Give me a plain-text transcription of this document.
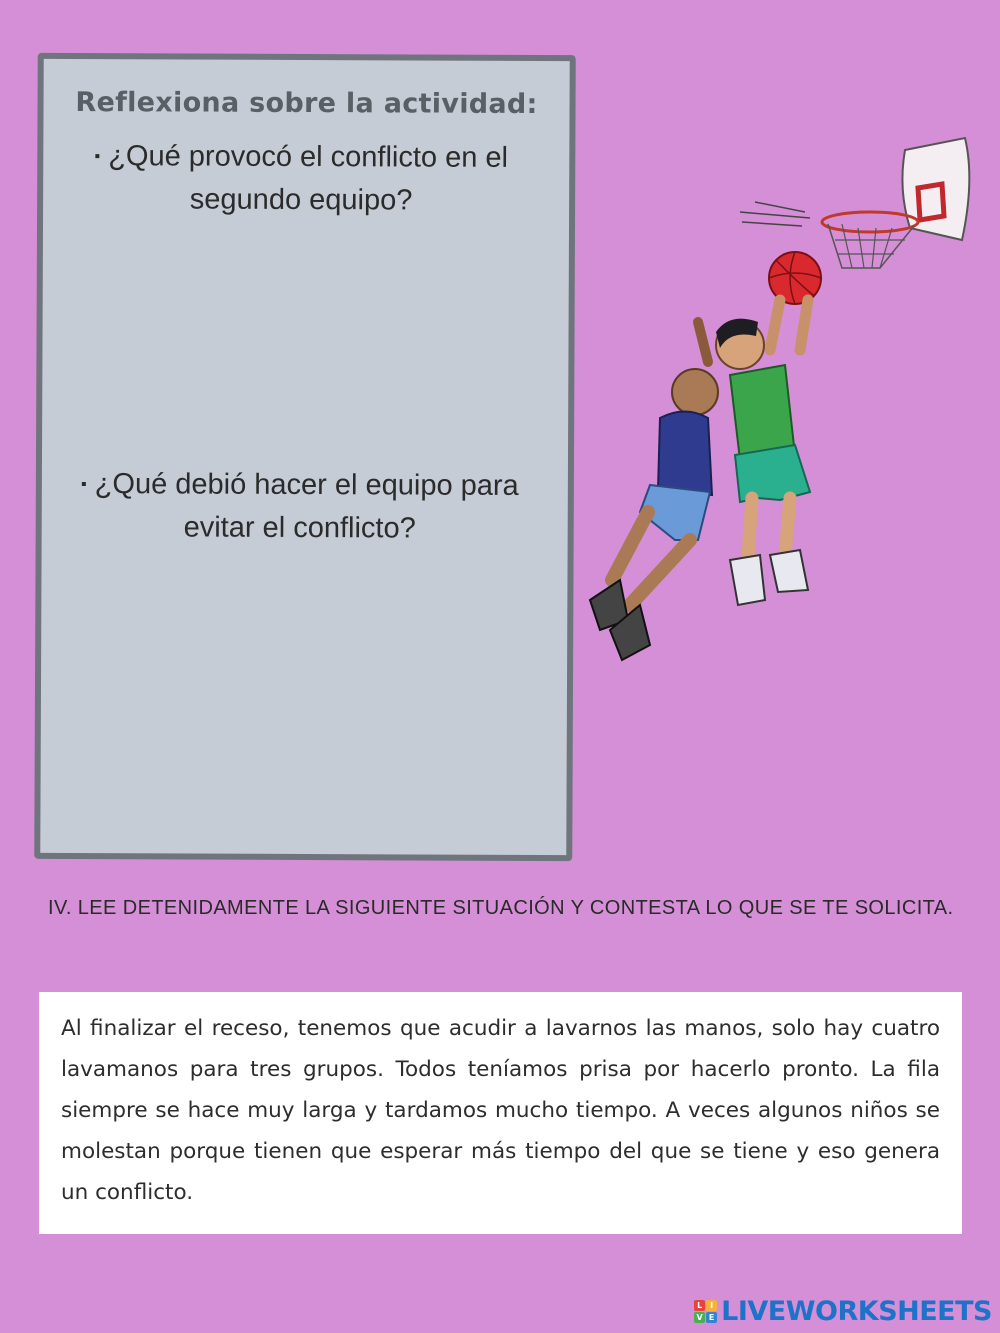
Reflexiona sobre la actividad:
▪ ¿Qué provocó el conflicto en el segundo equipo?
▪ ¿Qué debió hacer el equipo para evitar el conflicto?
IV. LEE DETENIDAMENTE LA SIGUIENTE SITUACIÓN Y CONTESTA LO QUE SE TE SOLICITA.

Al finalizar el receso, tenemos que acudir a lavarnos las manos, solo hay cuatro lavamanos para tres grupos. Todos teníamos prisa por hacerlo pronto. La fila siempre se hace muy larga y tardamos mucho tiempo. A veces algunos niños se molestan porque tienen que esperar más tiempo del que se tiene y eso genera un conflicto.

L I
V E LIVEWORKSHEETS
